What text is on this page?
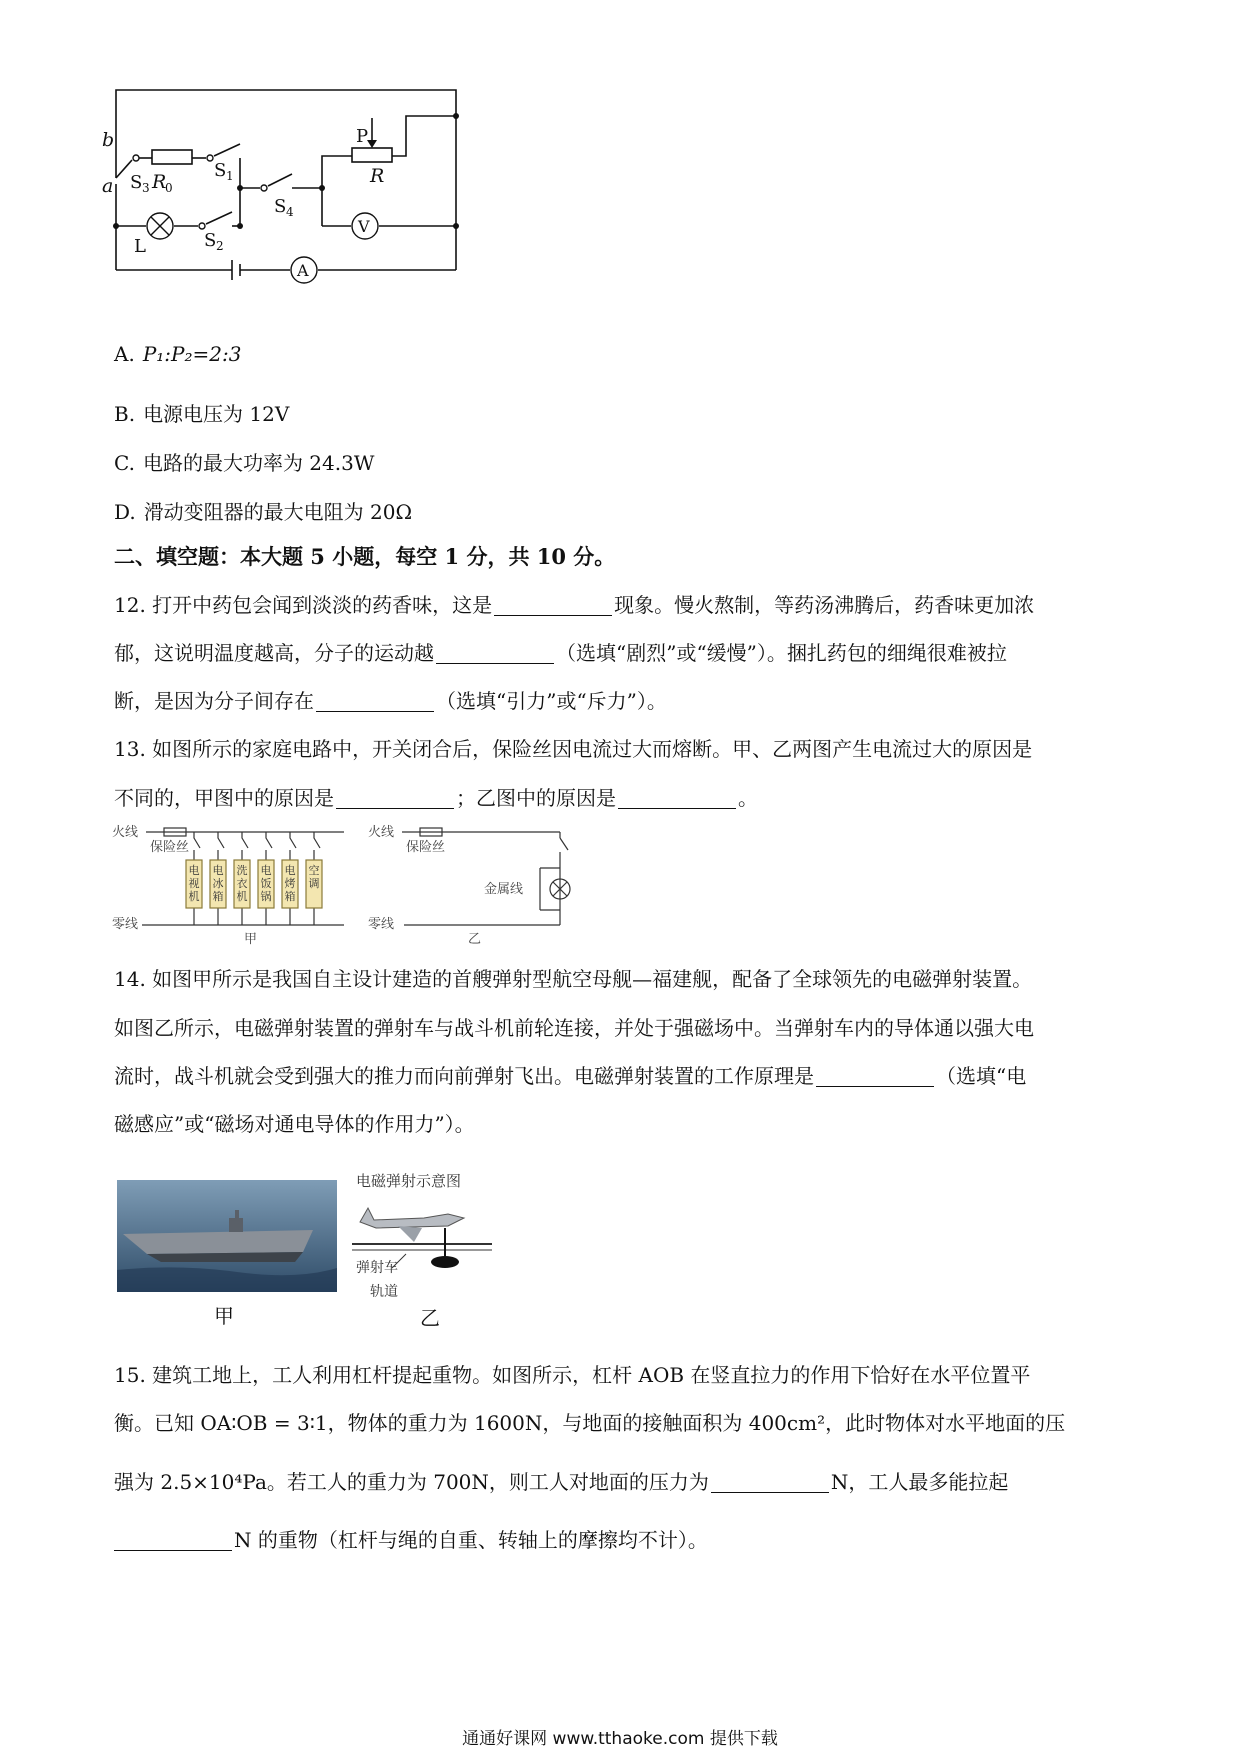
b
a R	R
S 3 0
S 1
S 4
P
L	S 2
V
A
A. P₁:P₂=2:3
B. 电源电压为 12V
C. 电路的最大功率为 24.3W
D. 滑动变阻器的最大电阻为 20Ω
二、填空题：本大题 5 小题，每空 1 分，共 10 分。
12. 打开中药包会闻到淡淡的药香味，这是	现象。慢火熬制，等药汤沸腾后，药香味更加浓
郁，这说明温度越高，分子的运动越	（选填“剧烈”或“缓慢”）。捆扎药包的细绳很难被拉
断，是因为分子间存在	（选填“引力”或“斥力”）。
13. 如图所示的家庭电路中，开关闭合后，保险丝因电流过大而熔断。甲、乙两图产生电流过大的原因是
不同的，甲图中的原因是	；乙图中的原因是	。
火线
保险丝
零线
火线
保险丝
零线
金属线
甲	乙
电视机
电冰箱
洗衣机
电饭锅
电烤箱
空调
14. 如图甲所示是我国自主设计建造的首艘弹射型航空母舰—福建舰，配备了全球领先的电磁弹射装置。
如图乙所示，电磁弹射装置的弹射车与战斗机前轮连接，并处于强磁场中。当弹射车内的导体通以强大电
流时，战斗机就会受到强大的推力而向前弹射飞出。电磁弹射装置的工作原理是	（选填“电
磁感应”或“磁场对通电导体的作用力”）。
甲
电磁弹射示意图
弹射车
轨道
乙
15. 建筑工地上，工人利用杠杆提起重物。如图所示，杠杆 AOB 在竖直拉力的作用下恰好在水平位置平
衡。已知 OA∶OB = 3∶1，物体的重力为 1600N，与地面的接触面积为 400cm²，此时物体对水平地面的压
强为 2.5×10⁴Pa。若工人的重力为 700N，则工人对地面的压力为	N，工人最多能拉起
N 的重物（杠杆与绳的自重、转轴上的摩擦均不计）。
通通好课网 www.tthaoke.com 提供下载
